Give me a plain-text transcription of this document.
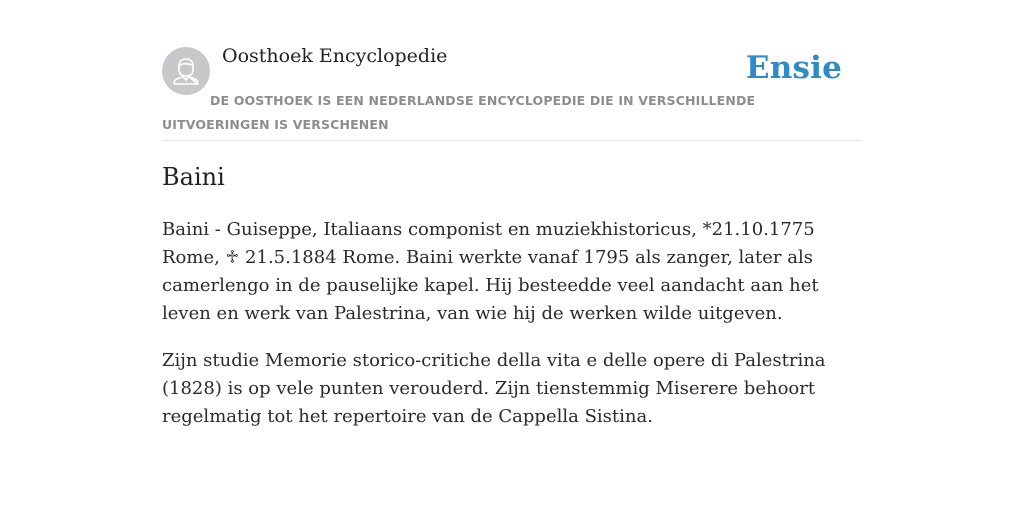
Oosthoek Encyclopedie	Ensie
DE OOSTHOEK IS EEN NEDERLANDSE ENCYCLOPEDIE DIE IN VERSCHILLENDE UITVOERINGEN IS VERSCHENEN
Baini

Baini - Guiseppe, Italiaans componist en muziekhistoricus, *21.10.1775 Rome, ♱ 21.5.1884 Rome. Baini werkte vanaf 1795 als zanger, later als camerlengo in de pauselijke kapel. Hij besteedde veel aandacht aan het leven en werk van Palestrina, van wie hij de werken wilde uitgeven.

Zijn studie Memorie storico-critiche della vita e delle opere di Palestrina (1828) is op vele punten verouderd. Zijn tienstemmig Miserere behoort regelmatig tot het repertoire van de Cappella Sistina.
